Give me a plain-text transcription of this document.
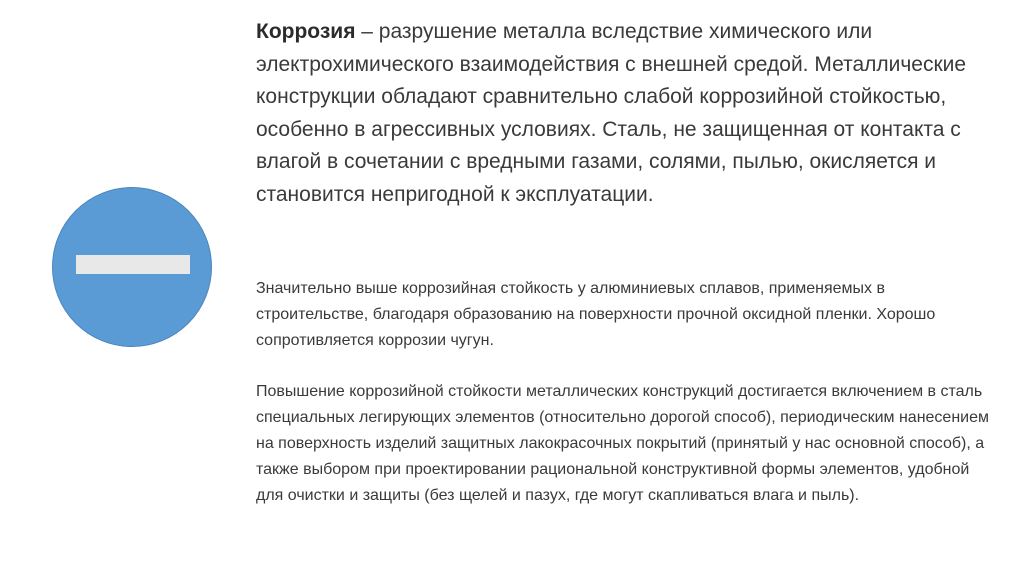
Коррозия – разрушение металла вследствие химического или электрохимического взаимодействия с внешней средой. Металлические конструкции обладают сравнительно слабой коррозийной стойкостью, особенно в агрессивных условиях. Сталь, не защищенная от контакта с влагой в сочетании с вредными газами, солями, пылью, окисляется и становится непригодной к эксплуатации.
Значительно выше коррозийная стойкость у алюминиевых сплавов, применяемых в строительстве, благодаря образованию на поверхности прочной оксидной пленки. Хорошо сопротивляется коррозии чугун.
Повышение коррозийной стойкости металлических конструкций достигается включением в сталь специальных легирующих элементов (относительно дорогой способ), периодическим нанесением на поверхность изделий защитных лакокрасочных покрытий (принятый у нас основной способ), а также выбором при проектировании рациональной конструктивной формы элементов, удобной для очистки и защиты (без щелей и пазух, где могут скапливаться влага и пыль).
